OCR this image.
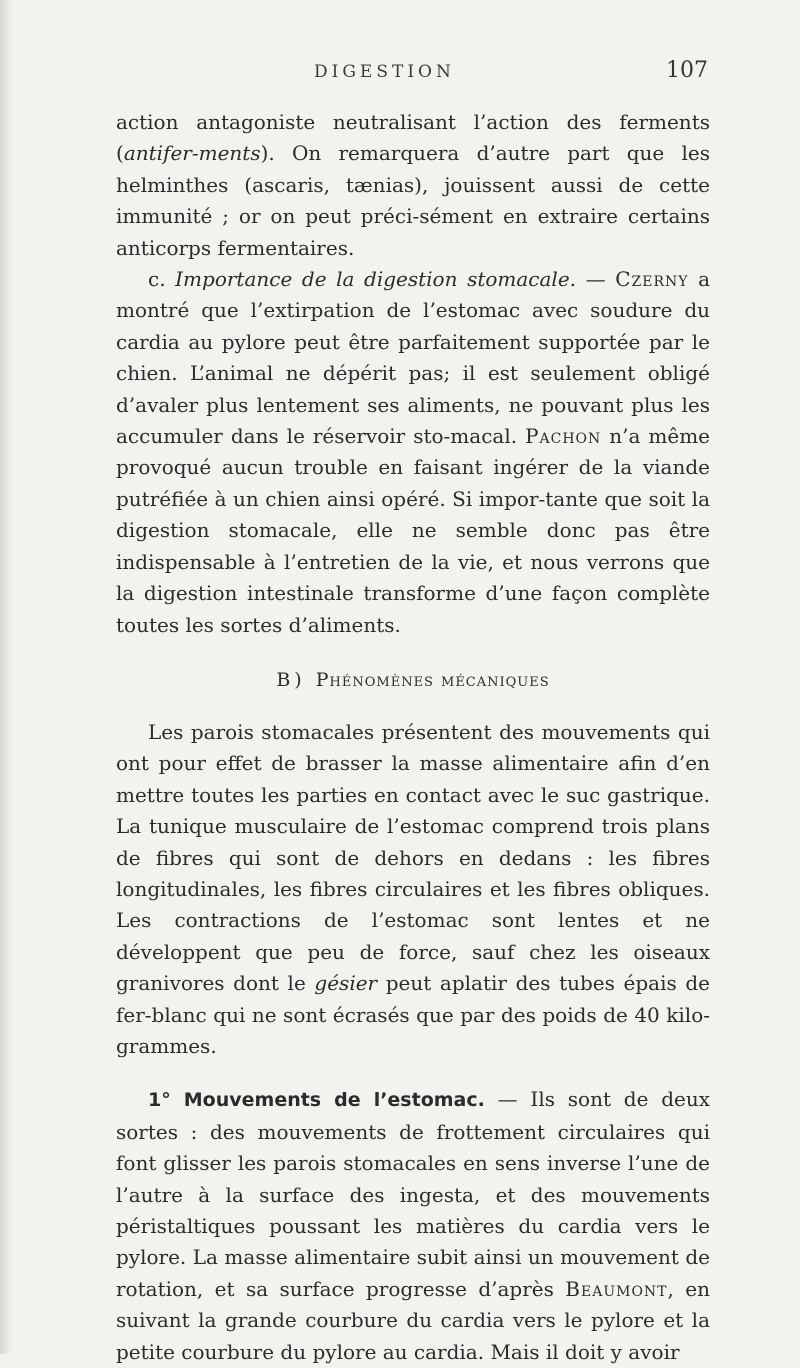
DIGESTION	107

action antagoniste neutralisant l’action des ferments (antifer-ments). On remarquera d’autre part que les helminthes (ascaris, tænias), jouissent aussi de cette immunité ; or on peut préci-sément en extraire certains anticorps fermentaires.

c. Importance de la digestion stomacale. — Czerny a montré que l’extirpation de l’estomac avec soudure du cardia au pylore peut être parfaitement supportée par le chien. L’animal ne dépérit pas; il est seulement obligé d’avaler plus lentement ses aliments, ne pouvant plus les accumuler dans le réservoir sto-macal. Pachon n’a même provoqué aucun trouble en faisant ingérer de la viande putréfiée à un chien ainsi opéré. Si impor-tante que soit la digestion stomacale, elle ne semble donc pas être indispensable à l’entretien de la vie, et nous verrons que la digestion intestinale transforme d’une façon complète toutes les sortes d’aliments.

B) Phénomènes mécaniques

Les parois stomacales présentent des mouvements qui ont pour effet de brasser la masse alimentaire afin d’en mettre toutes les parties en contact avec le suc gastrique. La tunique musculaire de l’estomac comprend trois plans de fibres qui sont de dehors en dedans : les fibres longitudinales, les fibres circulaires et les fibres obliques. Les contractions de l’estomac sont lentes et ne développent que peu de force, sauf chez les oiseaux granivores dont le gésier peut aplatir des tubes épais de fer-blanc qui ne sont écrasés que par des poids de 40 kilo-grammes.

1° Mouvements de l’estomac. — Ils sont de deux sortes : des mouvements de frottement circulaires qui font glisser les parois stomacales en sens inverse l’une de l’autre à la surface des ingesta, et des mouvements péristaltiques poussant les matières du cardia vers le pylore. La masse alimentaire subit ainsi un mouvement de rotation, et sa surface progresse d’après Beaumont, en suivant la grande courbure du cardia vers le pylore et la petite courbure du pylore au cardia. Mais il doit y avoir
